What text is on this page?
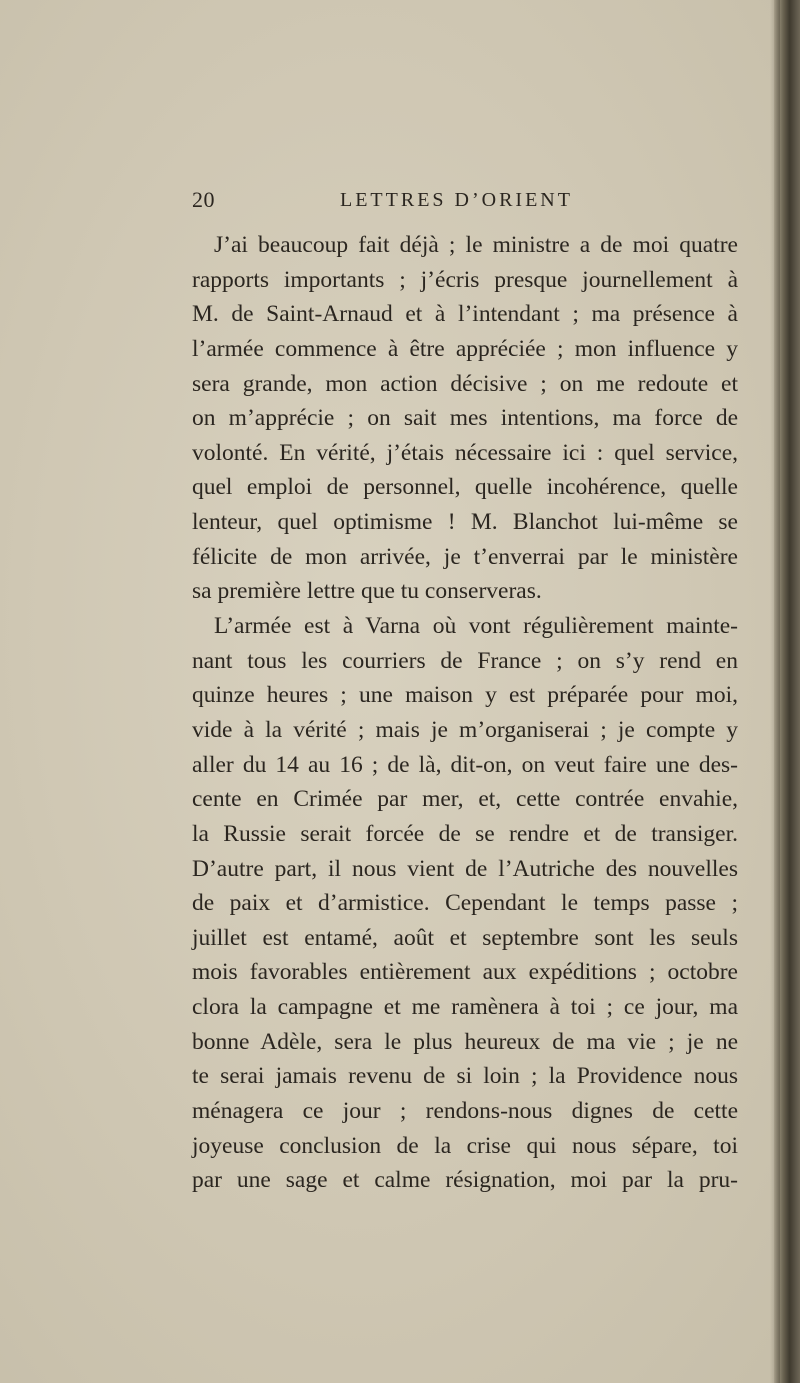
20	LETTRES D’ORIENT
J’ai beaucoup fait déjà ; le ministre a de moi quatre
rapports importants ; j’écris presque journellement à
M. de Saint-Arnaud et à l’intendant ; ma présence à
l’armée commence à être appréciée ; mon influence y
sera grande, mon action décisive ; on me redoute et
on m’apprécie ; on sait mes intentions, ma force de
volonté. En vérité, j’étais nécessaire ici : quel service,
quel emploi de personnel, quelle incohérence, quelle
lenteur, quel optimisme ! M. Blanchot lui-même se
félicite de mon arrivée, je t’enverrai par le ministère
sa première lettre que tu conserveras.
L’armée est à Varna où vont régulièrement mainte-
nant tous les courriers de France ; on s’y rend en
quinze heures ; une maison y est préparée pour moi,
vide à la vérité ; mais je m’organiserai ; je compte y
aller du 14 au 16 ; de là, dit-on, on veut faire une des-
cente en Crimée par mer, et, cette contrée envahie,
la Russie serait forcée de se rendre et de transiger.
D’autre part, il nous vient de l’Autriche des nouvelles
de paix et d’armistice. Cependant le temps passe ;
juillet est entamé, août et septembre sont les seuls
mois favorables entièrement aux expéditions ; octobre
clora la campagne et me ramènera à toi ; ce jour, ma
bonne Adèle, sera le plus heureux de ma vie ; je ne
te serai jamais revenu de si loin ; la Providence nous
ménagera ce jour ; rendons-nous dignes de cette
joyeuse conclusion de la crise qui nous sépare, toi
par une sage et calme résignation, moi par la pru-
